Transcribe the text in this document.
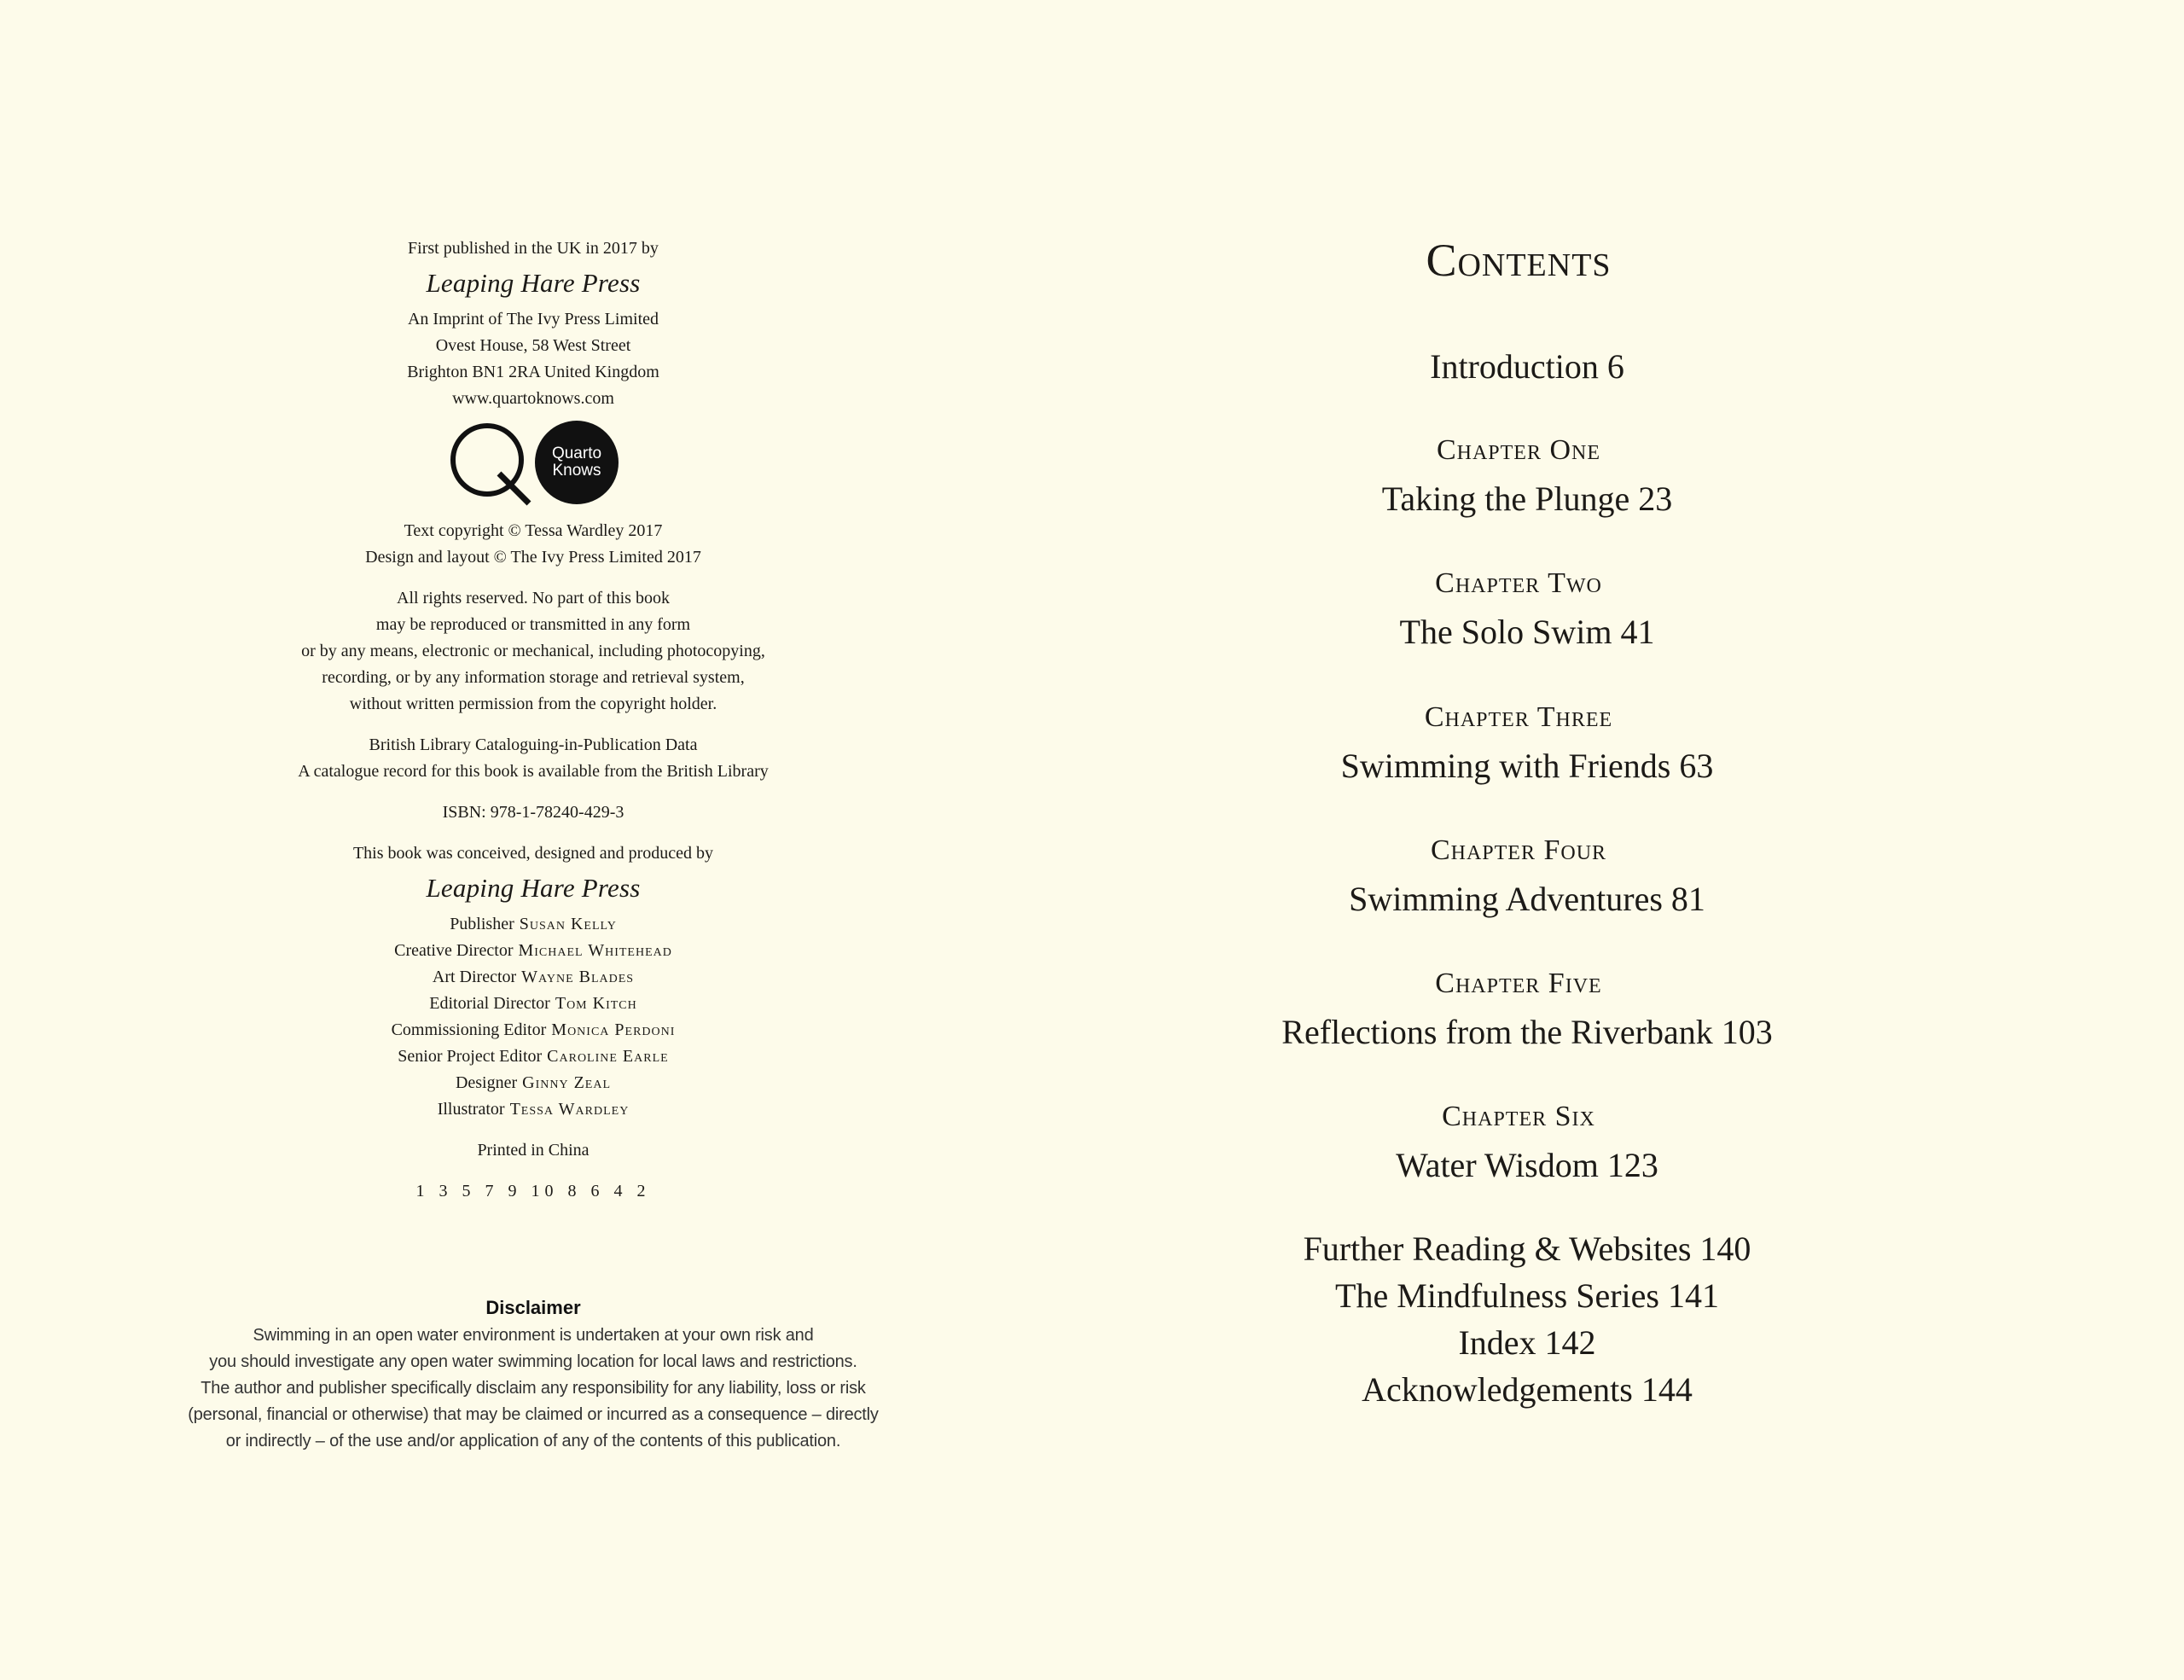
First published in the UK in 2017 by
Leaping Hare Press
An Imprint of The Ivy Press Limited
Ovest House, 58 West Street
Brighton BN1 2RA United Kingdom
www.quartoknows.com
Q
Quarto
Knows
Text copyright © Tessa Wardley 2017
Design and layout © The Ivy Press Limited 2017
All rights reserved. No part of this book
may be reproduced or transmitted in any form
or by any means, electronic or mechanical, including photocopying,
recording, or by any information storage and retrieval system,
without written permission from the copyright holder.
British Library Cataloguing-in-Publication Data
A catalogue record for this book is available from the British Library
ISBN: 978-1-78240-429-3
This book was conceived, designed and produced by
Leaping Hare Press
Publisher Susan Kelly
Creative Director Michael Whitehead
Art Director Wayne Blades
Editorial Director Tom Kitch
Commissioning Editor Monica Perdoni
Senior Project Editor Caroline Earle
Designer Ginny Zeal
Illustrator Tessa Wardley
Printed in China
1 3 5 7 9 10 8 6 4 2
Disclaimer
Swimming in an open water environment is undertaken at your own risk and
you should investigate any open water swimming location for local laws and restrictions.
The author and publisher specifically disclaim any responsibility for any liability, loss or risk
(personal, financial or otherwise) that may be claimed or incurred as a consequence – directly
or indirectly – of the use and/or application of any of the contents of this publication.
Contents
Introduction 6
Chapter One
Taking the Plunge 23
Chapter Two
The Solo Swim 41
Chapter Three
Swimming with Friends 63
Chapter Four
Swimming Adventures 81
Chapter Five
Reflections from the Riverbank 103
Chapter Six
Water Wisdom 123
Further Reading & Websites 140
The Mindfulness Series 141
Index 142
Acknowledgements 144
